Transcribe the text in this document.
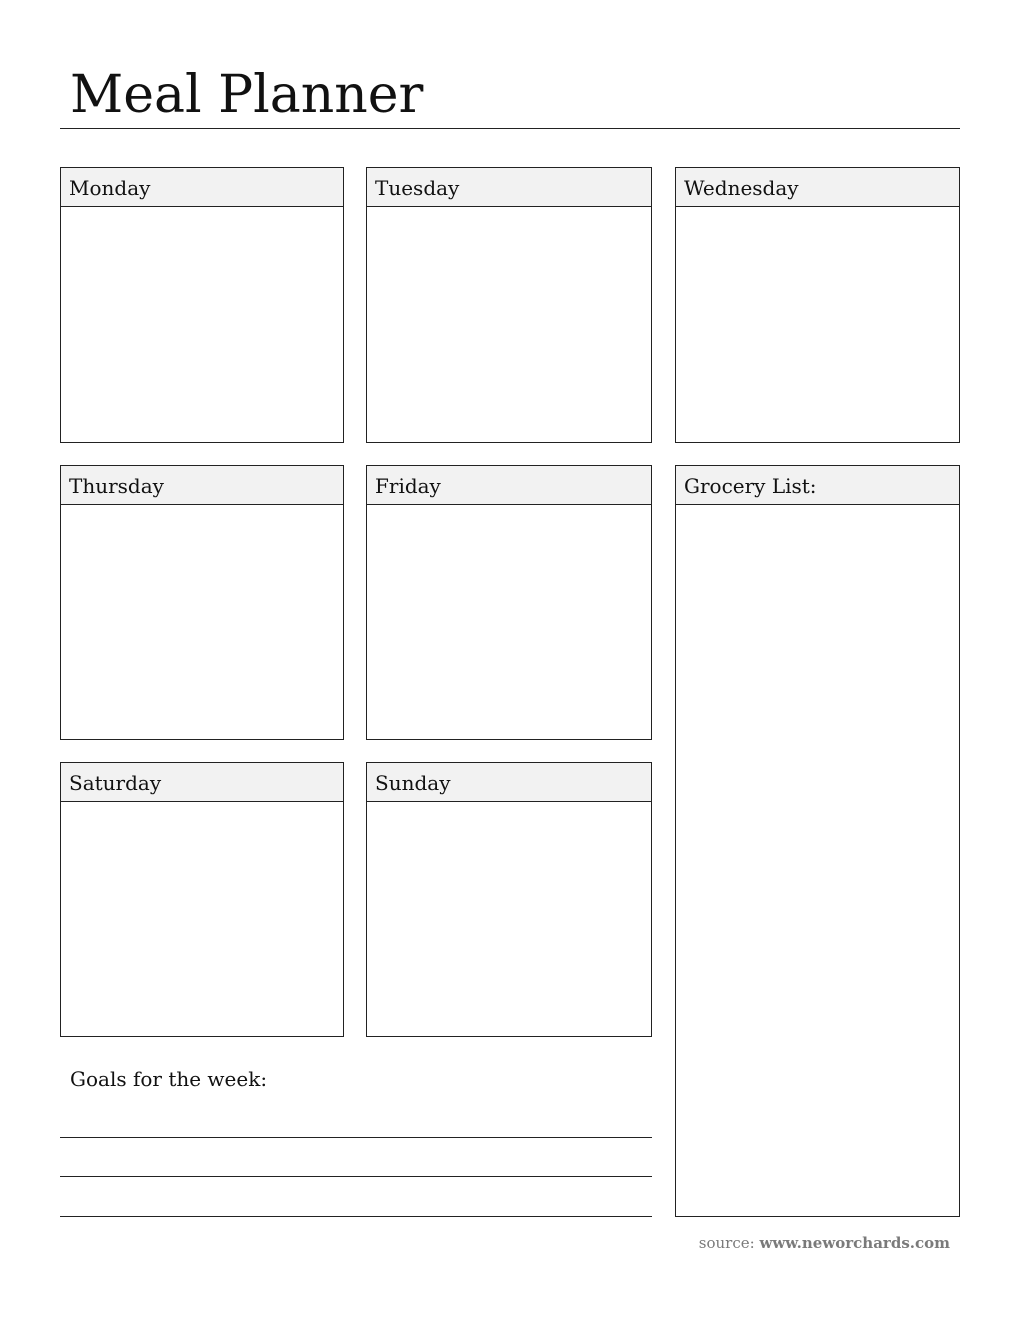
Meal Planner
Monday	Tuesday	Wednesday
Thursday	Friday	Grocery List:
Saturday	Sunday
Goals for the week:
source: www.neworchards.com
